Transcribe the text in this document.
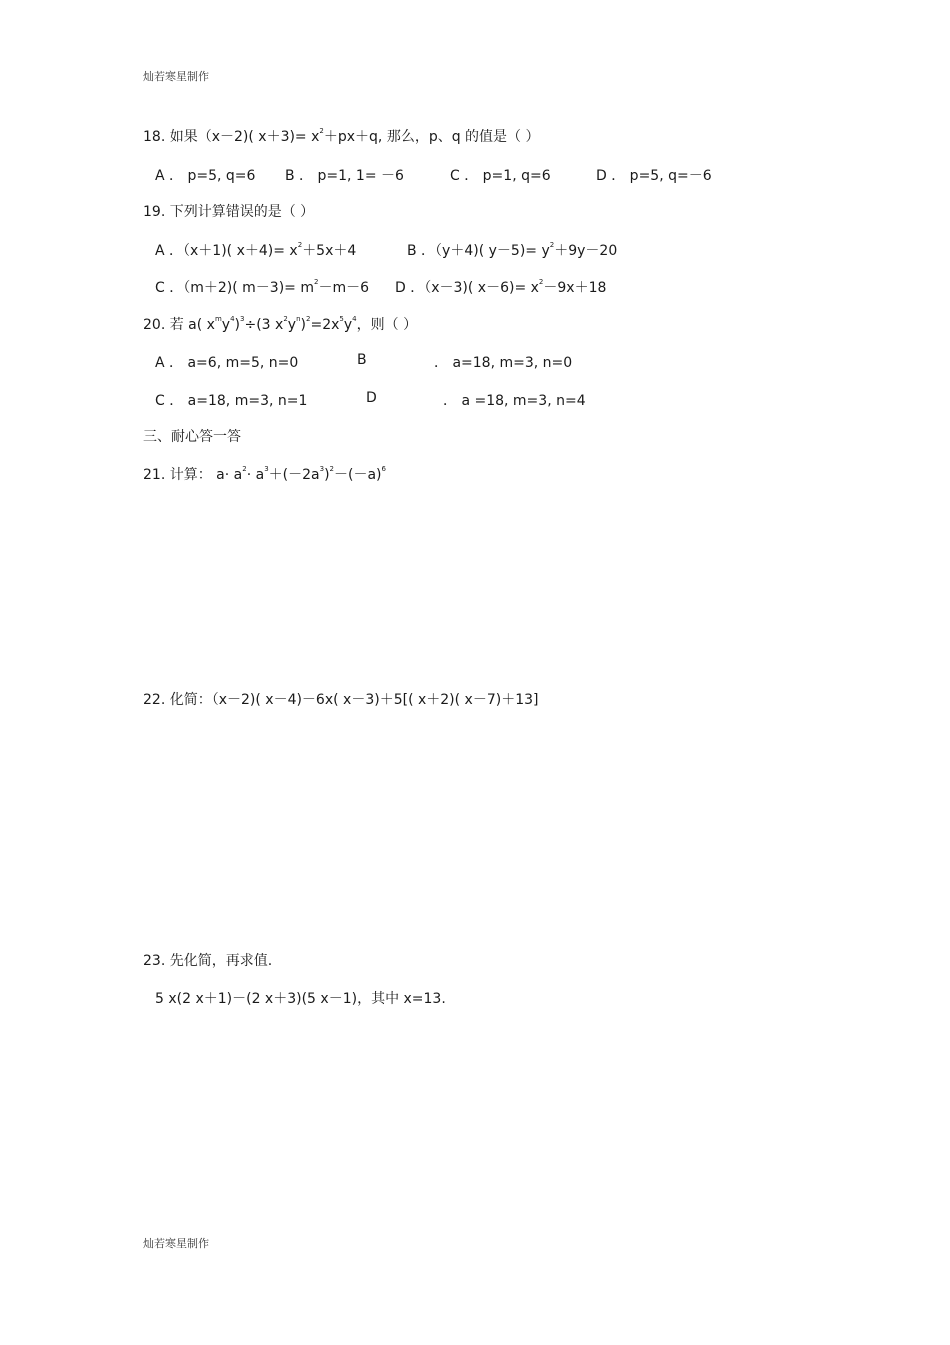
灿若寒星制作
18. 如果（x－2)( $x+3)= x^2+px+q$, 那么，p、q 的值是（ ）
A ． p=5, q=6 B ． p=1, 1= －6	C ． p=1, q=6	D ． p=5, q=－6
19. 下列计算错误的是（ ）
A ．（x＋1)( $x+4)= x^2+5x+4$	B ．（y＋4)( $y-5)= y^2+9y-20$
C ．（m＋2)( $m-3)= m^2-m-6$ D ．（x－3)( $x-6)= x^2-9x+18$
20. 若 a( $x^my^4)^3\div(3$ $x^2y^n)^2=2x^5y^4$，则（ ）
A ． a=6, m=5, n=0	B	． a=18, m=3, n=0
C ． a=18, m=3, n=1	D	． a =18, m=3, n=4
三、耐心答一答
21. 计算： $a\cdot a^2\cdot a^3+(-2a^3)^2-(-a)^6$
22. 化简：（x－2)( x－4)－6x( x－3)＋5[( x＋2)( x－7)＋13]
23. 先化简，再求值.
5 x(2 x＋1)－(2 x＋3)(5 x－1)，其中 x=13.
灿若寒星制作
